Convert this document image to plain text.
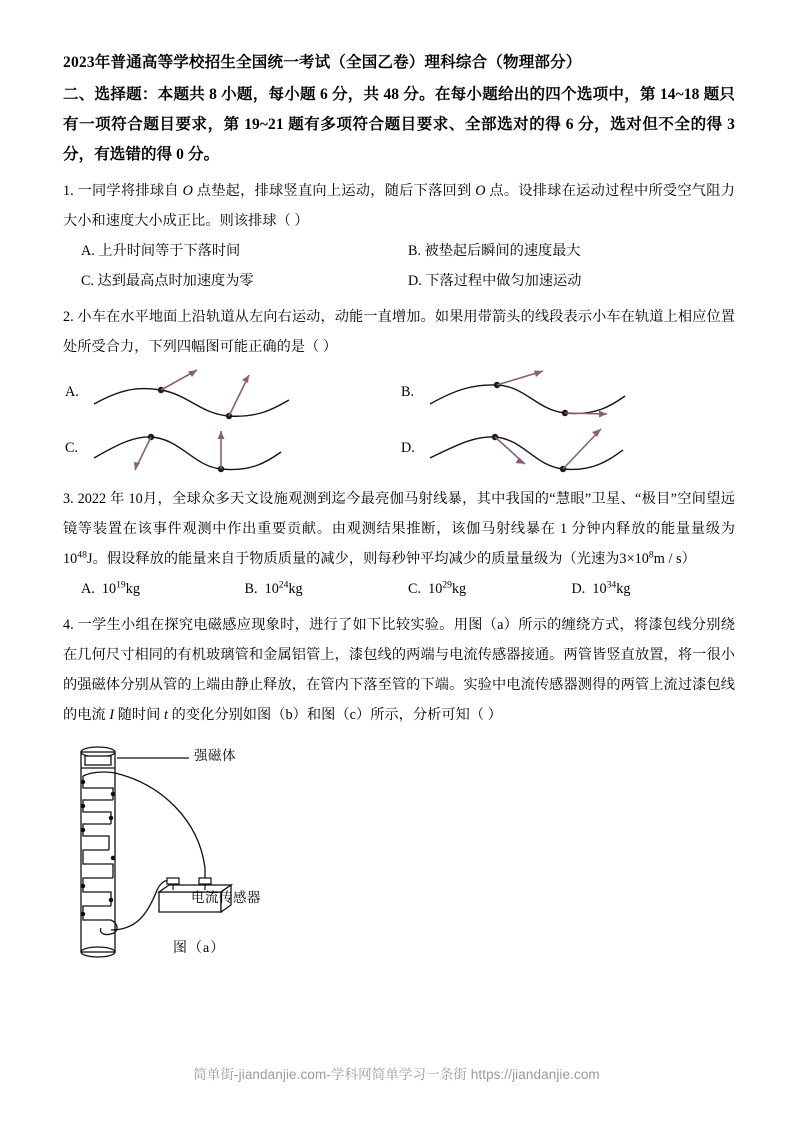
2023年普通高等学校招生全国统一考试（全国乙卷）理科综合（物理部分）
二、选择题：本题共 8 小题，每小题 6 分，共 48 分。在每小题给出的四个选项中，第 14~18 题只有一项符合题目要求，第 19~21 题有多项符合题目要求、全部选对的得 6 分，选对但不全的得 3 分，有选错的得 0 分。
1. 一同学将排球自 O 点垫起，排球竖直向上运动，随后下落回到 O 点。设排球在运动过程中所受空气阻力大小和速度大小成正比。则该排球（ ）
A. 上升时间等于下落时间	B. 被垫起后瞬间的速度最大
C. 达到最高点时加速度为零	D. 下落过程中做匀加速运动
2. 小车在水平地面上沿轨道从左向右运动，动能一直增加。如果用带箭头的线段表示小车在轨道上相应位置处所受合力，下列四幅图可能正确的是（ ）
A.	B.
C.	D.
3. 2022 年 10月，全球众多天文设施观测到迄今最亮伽马射线暴，其中我国的“慧眼”卫星、“极目”空间望远镜等装置在该事件观测中作出重要贡献。由观测结果推断，该伽马射线暴在 1 分钟内释放的能量量级为$10^{48}J$。假设释放的能量来自于物质质量的减少，则每秒钟平均减少的质量量级为（光速为$3\times 10^8m / s$）
A. $10^{19}kg$	B. $10^{24}kg$	C. $10^{29}kg$	D. $10^{34}kg$
4. 一学生小组在探究电磁感应现象时，进行了如下比较实验。用图（a）所示的缠绕方式，将漆包线分别绕在几何尺寸相同的有机玻璃管和金属铝管上，漆包线的两端与电流传感器接通。两管皆竖直放置，将一很小的强磁体分别从管的上端由静止释放，在管内下落至管的下端。实验中电流传感器测得的两管上流过漆包线的电流 I 随时间 t 的变化分别如图（b）和图（c）所示，分析可知（ ）
强磁体
电流传感器
图（a）
简单街-jiandanjie.com-学科网简单学习一条街 https://jiandanjie.com
